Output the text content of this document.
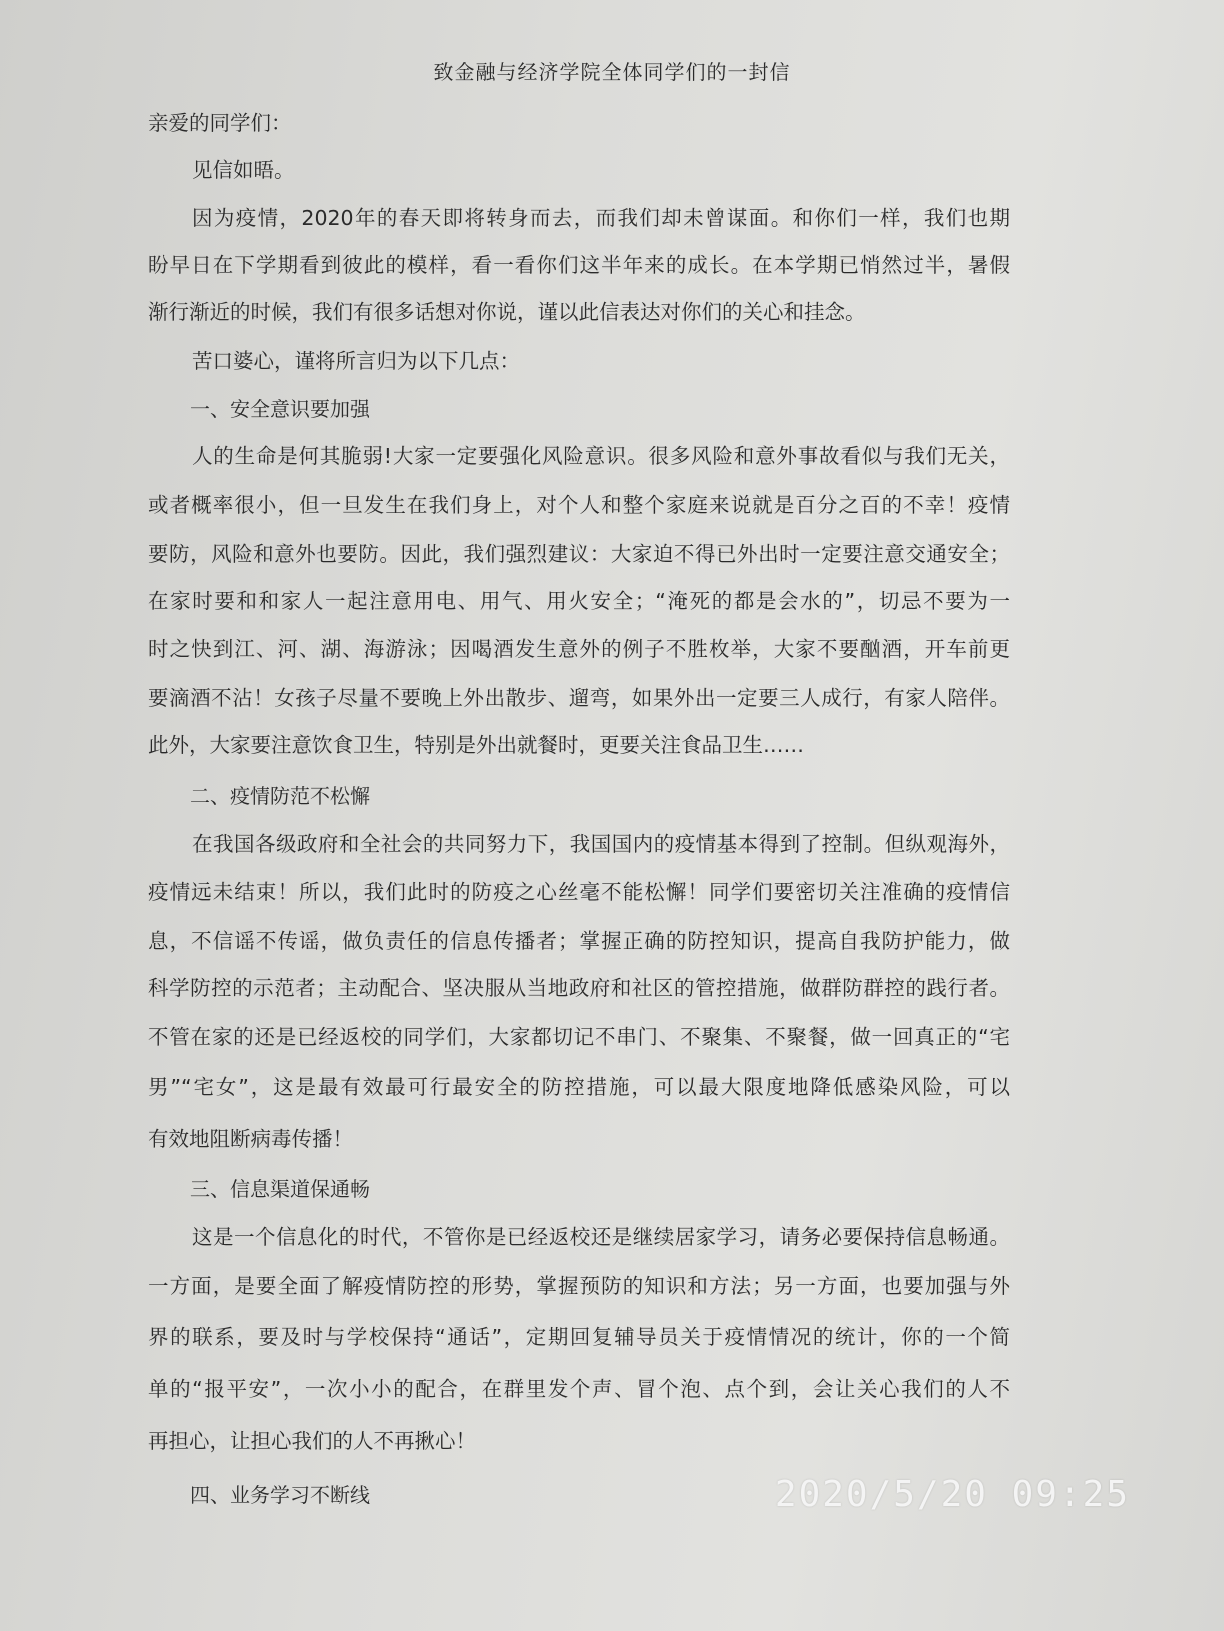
致金融与经济学院全体同学们的一封信
亲爱的同学们：
见信如晤。
因为疫情，2020年的春天即将转身而去，而我们却未曾谋面。和你们一样，我们也期
盼早日在下学期看到彼此的模样，看一看你们这半年来的成长。在本学期已悄然过半，暑假
渐行渐近的时候，我们有很多话想对你说，谨以此信表达对你们的关心和挂念。
苦口婆心，谨将所言归为以下几点：
一、安全意识要加强
人的生命是何其脆弱!大家一定要强化风险意识。很多风险和意外事故看似与我们无关，
或者概率很小，但一旦发生在我们身上，对个人和整个家庭来说就是百分之百的不幸！疫情
要防，风险和意外也要防。因此，我们强烈建议：大家迫不得已外出时一定要注意交通安全；
在家时要和和家人一起注意用电、用气、用火安全；“淹死的都是会水的”，切忌不要为一
时之快到江、河、湖、海游泳；因喝酒发生意外的例子不胜枚举，大家不要酗酒，开车前更
要滴酒不沾！女孩子尽量不要晚上外出散步、遛弯，如果外出一定要三人成行，有家人陪伴。
此外，大家要注意饮食卫生，特别是外出就餐时，更要关注食品卫生……
二、疫情防范不松懈
在我国各级政府和全社会的共同努力下，我国国内的疫情基本得到了控制。但纵观海外，
疫情远未结束！所以，我们此时的防疫之心丝毫不能松懈！同学们要密切关注准确的疫情信
息，不信谣不传谣，做负责任的信息传播者；掌握正确的防控知识，提高自我防护能力，做
科学防控的示范者；主动配合、坚决服从当地政府和社区的管控措施，做群防群控的践行者。
不管在家的还是已经返校的同学们，大家都切记不串门、不聚集、不聚餐，做一回真正的“宅
男”“宅女”，这是最有效最可行最安全的防控措施，可以最大限度地降低感染风险，可以
有效地阻断病毒传播！
三、信息渠道保通畅
这是一个信息化的时代，不管你是已经返校还是继续居家学习，请务必要保持信息畅通。
一方面，是要全面了解疫情防控的形势，掌握预防的知识和方法；另一方面，也要加强与外
界的联系，要及时与学校保持“通话”，定期回复辅导员关于疫情情况的统计，你的一个简
单的“报平安”，一次小小的配合，在群里发个声、冒个泡、点个到，会让关心我们的人不
再担心，让担心我们的人不再揪心！
四、业务学习不断线	2020/5/20 09:25
